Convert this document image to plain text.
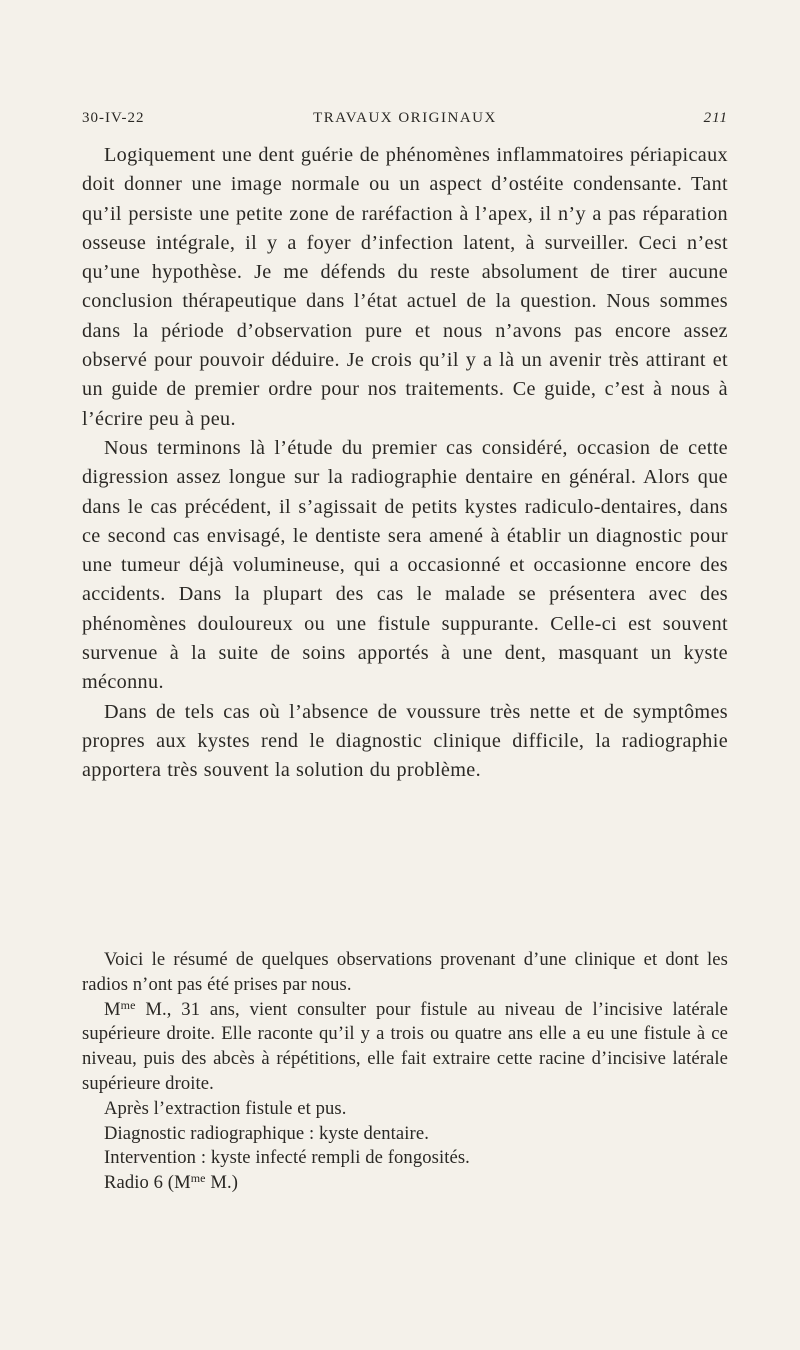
30-IV-22	TRAVAUX ORIGINAUX	211

Logiquement une dent guérie de phénomènes inflammatoires périapicaux doit donner une image normale ou un aspect d’ostéite condensante. Tant qu’il persiste une petite zone de raréfaction à l’apex, il n’y a pas réparation osseuse intégrale, il y a foyer d’infection latent, à surveiller. Ceci n’est qu’une hypothèse. Je me défends du reste absolument de tirer aucune conclusion thérapeutique dans l’état actuel de la question. Nous sommes dans la période d’observation pure et nous n’avons pas encore assez observé pour pouvoir déduire. Je crois qu’il y a là un avenir très attirant et un guide de premier ordre pour nos traitements. Ce guide, c’est à nous à l’écrire peu à peu.

Nous terminons là l’étude du premier cas considéré, occasion de cette digression assez longue sur la radiographie dentaire en général. Alors que dans le cas précédent, il s’agissait de petits kystes radiculo-dentaires, dans ce second cas envisagé, le dentiste sera amené à établir un diagnostic pour une tumeur déjà volumineuse, qui a occasionné et occasionne encore des accidents. Dans la plupart des cas le malade se présentera avec des phénomènes douloureux ou une fistule suppurante. Celle-ci est souvent survenue à la suite de soins apportés à une dent, masquant un kyste méconnu.

Dans de tels cas où l’absence de voussure très nette et de symptômes propres aux kystes rend le diagnostic clinique difficile, la radiographie apportera très souvent la solution du problème.

Voici le résumé de quelques observations provenant d’une clinique et dont les radios n’ont pas été prises par nous.

$M^{me}$ M., 31 ans, vient consulter pour fistule au niveau de l’incisive latérale supérieure droite. Elle raconte qu’il y a trois ou quatre ans elle a eu une fistule à ce niveau, puis des abcès à répétitions, elle fait extraire cette racine d’incisive latérale supérieure droite.

Après l’extraction fistule et pus.

Diagnostic radiographique : kyste dentaire.

Intervention : kyste infecté rempli de fongosités.

Radio 6 ($M^{me}$ M.)
